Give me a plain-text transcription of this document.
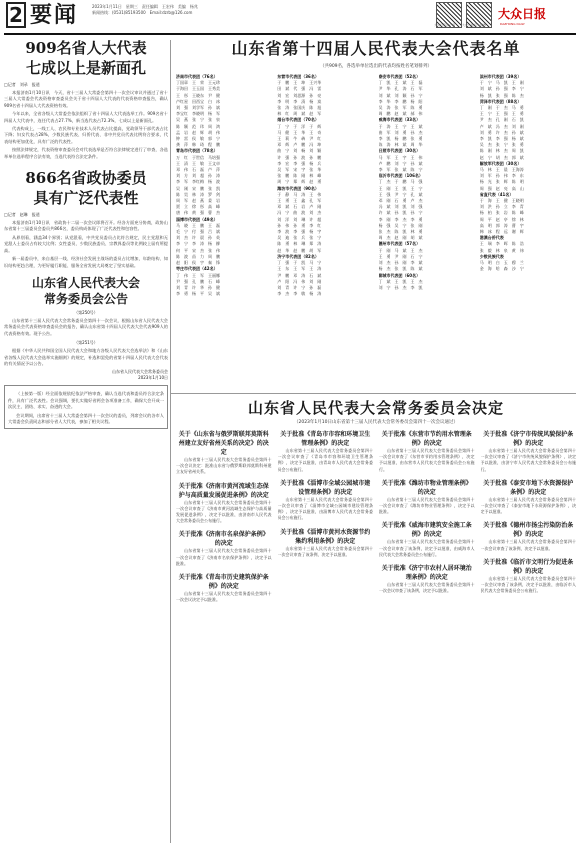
2 要闻	2023年1月11日　星期三　责任编辑　王宏伟　美编　杨兆
新闻热线：(0531)85193500　Email:dzrb@126.com
大众日报客户端 大众日报官方微博
大众日报
DAZHONG DAILY
909名省人大代表
七成以上是新面孔
□记者　刘录　报道
本报济南1月10日讯　今天，省十三届人大常委会第四十一次会议审议并通过了省十三届人大常委会代表资格审查委员会关于省十四届人大代表的代表资格审查报告，确认909名省十四届人大代表资格有效。
今年以来，全省各级人大常委会依法组织了省十四届人大代表选举工作。909名省十四届人大代表中，连任代表占27.7%，新当选代表占72.3%，七成以上是新面孔。
代表构成上，一线工人、农民和专业技术人员代表占比提高，党政领导干部代表占比下降；妇女代表占28%，少数民族代表、归侨代表、非中共党员代表比例符合要求，代表结构更加优化，具有广泛的代表性。
按照法律规定，代表资格审查委员会对代表选举是否符合法律规定进行了审查，各选举单位选举程序合法有效，当选代表符合法定条件。
866名省政协委员
具有广泛代表性
□记者　赵琳　报道
本报济南1月10日讯　省政协十二届一次会议即将召开。经各方面充分协商，政协山东省第十三届委员会委员共866名，委员构成体现了广泛代表性和包容性。
从界别看，涵盖34个界别；从党派看，中共党员委员占比符合规定，民主党派和无党派人士委员占有较大比例；女性委员、少数民族委员、宗教界委员等比例较上届有所提高。
新一届委员中，来自基层一线、经济社会发展主战场的委员占比增加，年龄结构、知识结构更趋合理，为更好履行职能、服务全省发展大局奠定了坚实基础。
山东省人民代表大会
常务委员会公告
（第250号）
山东省第十三届人民代表大会常务委员会第四十一次会议，根据山东省人民代表大会常务委员会代表资格审查委员会的报告，确认山东省第十四届人民代表大会代表909人的代表资格有效。现予公告。
（第251号）
根据《中华人民共和国全国人民代表大会和地方各级人民代表大会选举法》和《山东省各级人民代表大会选举实施细则》的规定，补选和罢免的省第十四届人民代表大会代表的有关情况予以公告。
山东省人民代表大会常务委员会
2023年1月10日
（上接第一版）经全面依规依纪依法严格审查，确认当选代表和委员符合法定条件，具有广泛代表性。会议强调，要扎实做好省两会各项准备工作，确保大会开成一次民主、团结、求实、奋进的大会。
会议期间，出席省十三届人大常委会第四十一次会议的委员，列席会议的各市人大常委会负责同志和部分省人大代表，参加了相关议程。
山东省第十四届人民代表大会代表名单
（共909名，各选举单位选出的代表均按姓名笔划排列）
济南市代表团（76名）
丁国章　王　荣　王元珍
于海田　王玉国　王秀美
王　彤　王晓东　尹　健
卢红星　田西宝　白　冰
刘　强　刘学军　孙　斌
李宝红　李晓明　杨　军
吴　燕　张　宁　张　泉
陈　颖　范　玮　周　鸿
孟　岩　赵　辉　胡　伟
钟　雷　侯　敏　郭　宁
龚　萍　韩　琦　程　鹏
青岛市代表团（78名）
万　红　于世信　马培强
王　清　王　敏　王文卓
邓　伟　石　磊　卢　萍
刘　方　刘　超　孙　涛
李　军　李红梅　杨　波
吴　刚　宋　鹏　张　凯
陈　昊　林　涛　罗　剑
周　军　赵　燕　姜　岩
贾　立　徐　彤　高　峰
唐　伟　黄　强　曹　杰
淄博市代表团（49名）
马　晓　王　鹏　王　磊
毛　宁　付　强　吕　斌
刘　杰　许　晨　孙　英
李　宁　李　涛　杨　柳
何　平　宋　杰　张　伟
陈　波　苗　力　周　鹏
赵　阳　侯　宇　秦　锋
枣庄市代表团（42名）
丁　伟　王　军　王丽娜
尹　强　孔　鹏　石　峰
刘　青　许　华　孙　健
李　勇　杨　平　吴　斌
东营市代表团（36名）
于　鹏　王　坤　王兴华
田　斌　代　强　冯　雷
刘　宏　刘思源　孙　亮
李　明　李　清　杨　岚
张　涛　张国庆　陈　旭
林　红　周　斌　赵　军
烟台市代表团（70名）
丁　宁　于　洋　于　辉
马　健　王　华　王　奇
王　莉　牛　犇　尹　红
邓　辉　卢　鹏　冯　坤
曲　宁　刘　畅　刘　颖
许　强　孙　波　孙　鹏
李　宏　李　强　杨　兵
吴　军　宋　宇　张　华
张　鹏　陈　刚　林　峰
周　宁　郑　辉　赵　勇
潍坊市代表团（90名）
于　静　马　涛　王　伟
王　勇　王　鑫　孔　军
邓　斌　石　岩　卢　刚
冯　宁　曲　波　刘　杰
刘　洋　刘　琳　许　超
孙　伟　孙　勇　李　红
李　波　李　强　杨　宇
吴　迪　张　兵　张　宁
陈　勇　林　琳　郑　涛
赵　华　赵　鹏　胡　军
济宁市代表团（82名）
丁　强　于　凯　马　宁
王　东　王　军　王　涛
尹　鹏　邓　涛　石　斌
卢　阳　冯　伟　刘　刚
刘　青　许　宁　孙　磊
李　杰　李　敏　杨　涛
泰安市代表团（52名）
丁　凯　王　斌　王　磊
尹　华　孔　涛　石　军
刘　斌　刘　颖　孙　宁
李　华　李　鹏　杨　阳
吴　涛　张　军　陈　勇
周　鹏　赵　斌　郝　伟
威海市代表团（33名）
于　涛　王　宁　王　斌
曲　军　刘　勇　孙　杰
李　凯　杨　鹏　张　勇
陈　涛　林　斌　周　华
日照市代表团（30名）
马　军　王　宇　王　伟
卢　鹏　刘　宁　孙　斌
李　军　张　斌　陈　宁
临沂市代表团（106名）
丁　杰　于　鹏　马　强
王　刚　王　凯　王　宁
王　强　尹　宁　孔　斌
邓　刚　石　勇　卢　杰
冯　斌　刘　凯　刘　强
许　斌　孙　凯　孙　宁
李　刚　李　杰　李　勇
杨　强　吴　宁　张　刚
张　杰　陈　凯　林　勇
周　杰　赵　刚　胡　斌
德州市代表团（57名）
于　刚　马　斌　王　杰
王　勇　尹　刚　石　宁
刘　杰　孙　刚　李　斌
杨　杰　张　凯　陈　斌
聊城市代表团（60名）
丁　斌　王　凯　王　杰
刘　宁　孙　杰　李　凯
滨州市代表团（39名）
于　宁　马　凯　王　刚
刘　斌　孙　强　李　宁
杨　凯　张　强　陈　杰
菏泽市代表团（88名）
丁　刚　于　杰　马　勇
王　宁　王　强　王　勇
尹　杰　孔　刚　石　凯
卢　斌　冯　杰　刘　刚
刘　勇　许　杰　孙　斌
李　凯　李　强　杨　斌
吴　杰　张　宁　张　勇
陈　刚　林　杰　周　凯
赵　宁　胡　杰　郭　斌
解放军代表团（30名）
马　林　王　晨　王海涛
刘　军　孙　伟　李　东
杨　光　张　辉　陈　明
周　强　赵　亮　高　山
省直代表（41名）
于　海　王　健　王晓明
刘　洪　孙　立　李　青
杨　柏　张　岩　陈　峰
周　平　赵　亭　徐　林
高　明　郭　涛　曹　宇
韩　冰　程　远　谢　辉
港澳台侨代表
王　瑞　李　晖　陈　浩
张　毅　林　泉　黄　炜
少数民族代表
马　明　白　玉　穆　兰
金　海　哈　森　沙　宁
山东省人民代表大会常务委员会决定
（2023年1月10日山东省第十三届人民代表大会常务委员会第四十一次会议通过）
关于《山东省与俄罗斯联邦莫斯科州建立友好省州关系的决定》的决定
山东省第十三届人民代表大会常务委员会第四十一次会议决定：批准山东省与俄罗斯联邦莫斯科州建立友好省州关系。
关于批准《济南市黄河流域生态保护与高质量发展促进条例》的决定
山东省第十三届人民代表大会常务委员会第四十一次会议审查了《济南市黄河流域生态保护与高质量发展促进条例》，决定予以批准，由济南市人民代表大会常务委员会公布施行。
关于批准《济南市名泉保护条例》的决定
山东省第十三届人民代表大会常务委员会第四十一次会议审查了《济南市名泉保护条例》，决定予以批准。
关于批准《青岛市历史建筑保护条例》的决定
山东省第十三届人民代表大会常务委员会第四十一次会议决定予以批准。
关于批准《青岛市市容和环境卫生管理条例》的决定
山东省第十三届人民代表大会常务委员会第四十一次会议审查了《青岛市市容和环境卫生管理条例》，决定予以批准，由青岛市人民代表大会常务委员会公布施行。
关于批准《淄博市全域公园城市建设管理条例》的决定
山东省第十三届人民代表大会常务委员会第四十一次会议审查了《淄博市全域公园城市建设管理条例》，决定予以批准，由淄博市人民代表大会常务委员会公布施行。
关于批准《淄博市黄河水资源节约集约利用条例》的决定
山东省第十三届人民代表大会常务委员会第四十一次会议审查了该条例，决定予以批准。
关于批准《东营市节约用水管理条例》的决定
山东省第十三届人民代表大会常务委员会第四十一次会议审查了《东营市节约用水管理条例》，决定予以批准，由东营市人民代表大会常务委员会公布施行。
关于批准《潍坊市物业管理条例》的决定
山东省第十三届人民代表大会常务委员会第四十一次会议审查了《潍坊市物业管理条例》，决定予以批准。
关于批准《威海市建筑安全施工条例》的决定
山东省第十三届人民代表大会常务委员会第四十一次会议审查了该条例，决定予以批准，由威海市人民代表大会常务委员会公布施行。
关于批准《济宁市农村人居环境治理条例》的决定
山东省第十三届人民代表大会常务委员会第四十一次会议审查了该条例，决定予以批准。
关于批准《济宁市传统风貌保护条例》的决定
山东省第十三届人民代表大会常务委员会第四十一次会议审查了《济宁市传统风貌保护条例》，决定予以批准，由济宁市人民代表大会常务委员会公布施行。
关于批准《泰安市地下水资源保护条例》的决定
山东省第十三届人民代表大会常务委员会第四十一次会议审查了《泰安市地下水资源保护条例》，决定予以批准。
关于批准《德州市扬尘污染防治条例》的决定
山东省第十三届人民代表大会常务委员会第四十一次会议审查了该条例，决定予以批准。
关于批准《临沂市文明行为促进条例》的决定
山东省第十三届人民代表大会常务委员会第四十一次会议审查了该条例，决定予以批准，由临沂市人民代表大会常务委员会公布施行。
